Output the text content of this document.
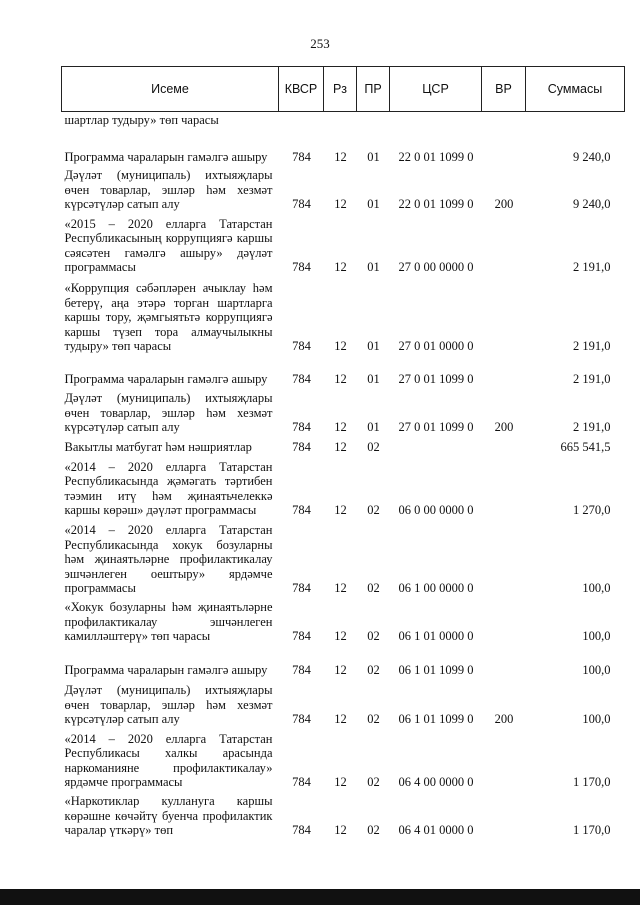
253
Исеме	КВСР	Рз	ПР	ЦСР	ВР	Суммасы
шартлар тудыру» төп чарасы						
Программа чараларын гамәлгә ашыру	784	12	01	22 0 01 1099 0		9 240,0
Дәүләт (муниципаль) ихтыяҗлары өчен товарлар, эшләр һәм хезмәт күрсәтүләр сатып алу	784	12	01	22 0 01 1099 0	200	9 240,0
«2015 – 2020 елларга Татарстан Республикасының коррупциягә каршы сәясәтен гамәлгә ашыру» дәүләт программасы	784	12	01	27 0 00 0000 0		2 191,0
«Коррупция сәбәпләрен ачыклау һәм бетерү, аңа этәрә торган шартларга каршы тору, җәмгыятьтә коррупциягә каршы түзеп тора алмаучылыкны тудыру» төп чарасы	784	12	01	27 0 01 0000 0		2 191,0
Программа чараларын гамәлгә ашыру	784	12	01	27 0 01 1099 0		2 191,0
Дәүләт (муниципаль) ихтыяҗлары өчен товарлар, эшләр һәм хезмәт күрсәтүләр сатып алу	784	12	01	27 0 01 1099 0	200	2 191,0
Вакытлы матбугат һәм нәшриятлар	784	12	02			665 541,5
«2014 – 2020 елларга Татарстан Республикасында җәмәгать тәртибен тәэмин итү һәм җинаятьчелеккә каршы көрәш» дәүләт программасы	784	12	02	06 0 00 0000 0		1 270,0
«2014 – 2020 елларга Татарстан Республикасында хокук бозуларны һәм җинаятьләрне профилактикалау эшчәнлеген оештыру» ярдәмче программасы	784	12	02	06 1 00 0000 0		100,0
«Хокук бозуларны һәм җинаятьләрне профилактикалау эшчәнлеген камилләштерү» төп чарасы	784	12	02	06 1 01 0000 0		100,0
Программа чараларын гамәлгә ашыру	784	12	02	06 1 01 1099 0		100,0
Дәүләт (муниципаль) ихтыяҗлары өчен товарлар, эшләр һәм хезмәт күрсәтүләр сатып алу	784	12	02	06 1 01 1099 0	200	100,0
«2014 – 2020 елларга Татарстан Республикасы халкы арасында наркоманияне профилактикалау» ярдәмче программасы	784	12	02	06 4 00 0000 0		1 170,0
«Наркотиклар куллануга каршы көрәшне көчәйтү буенча профилактик чаралар үткәрү» төп	784	12	02	06 4 01 0000 0		1 170,0
